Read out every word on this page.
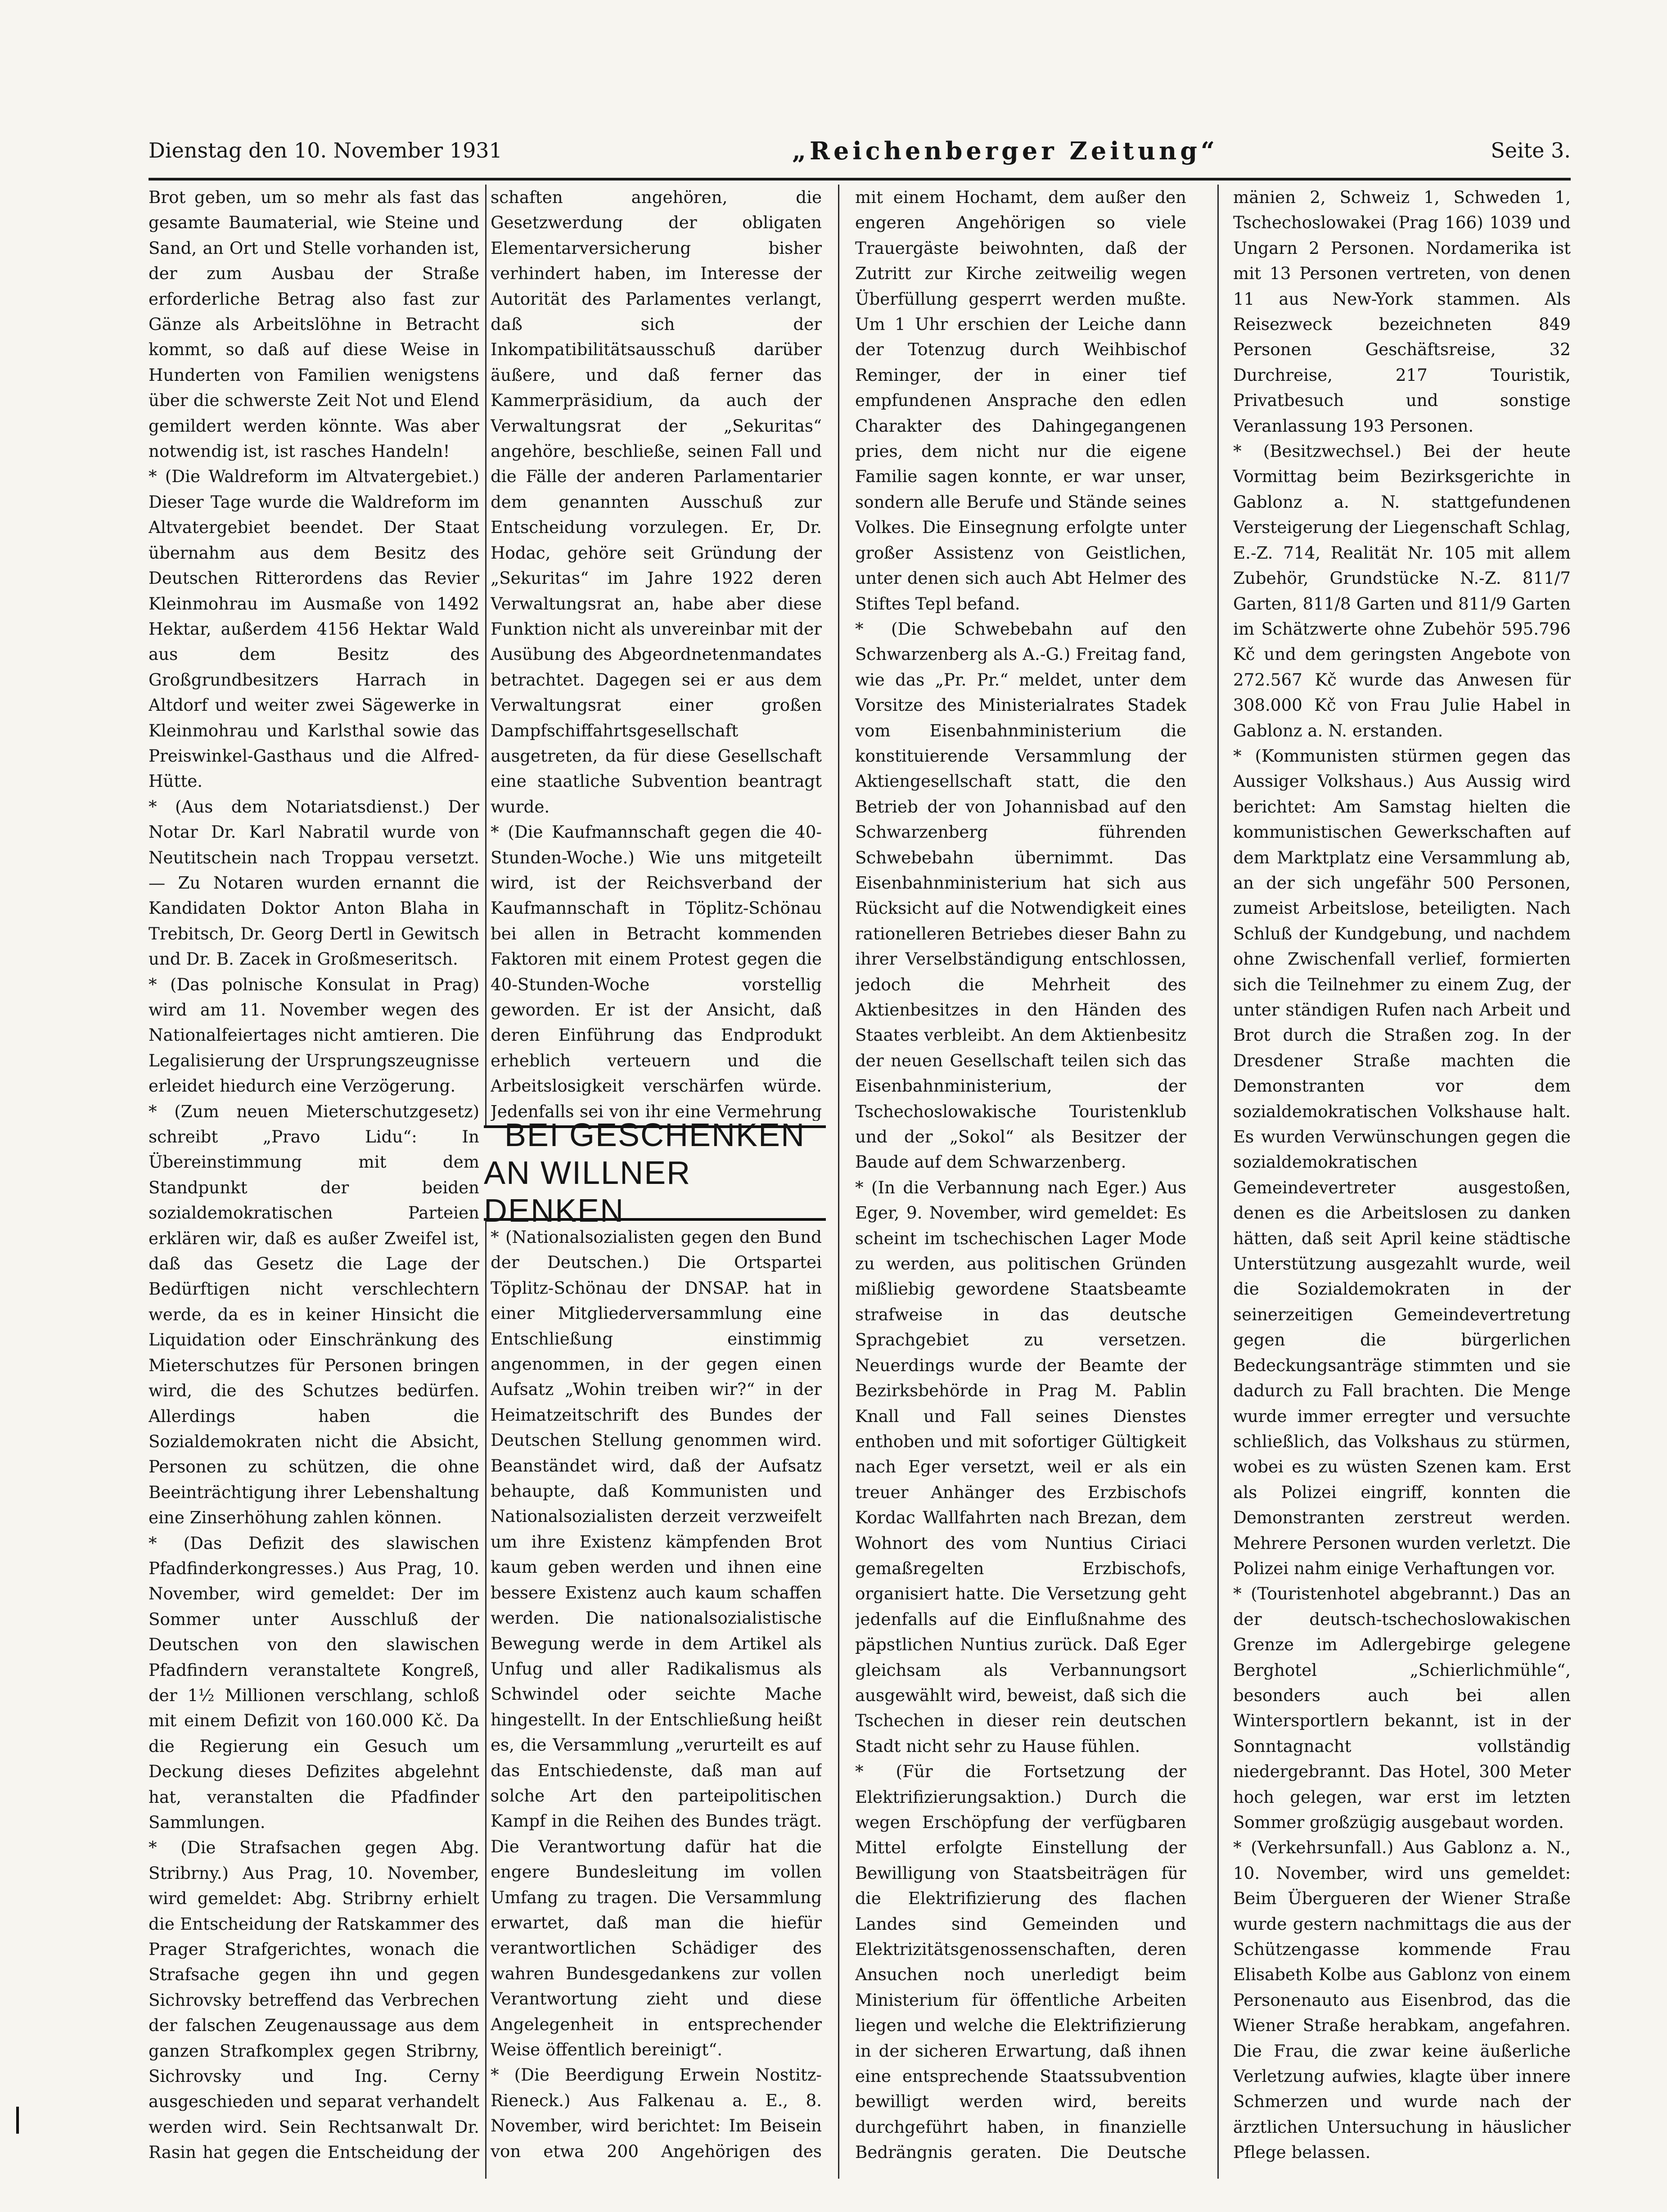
Dienstag den 10. November 1931	„Reichenberger Zeitung“	Seite 3.

Brot geben, um so mehr als fast das gesamte Baumaterial, wie Steine und Sand, an Ort und Stelle vorhanden ist, der zum Ausbau der Straße erforderliche Betrag also fast zur Gänze als Arbeitslöhne in Betracht kommt, so daß auf diese Weise in Hunderten von Familien wenigstens über die schwerste Zeit Not und Elend gemildert werden könnte. Was aber notwendig ist, ist rasches Handeln!

* (Die Waldreform im Altvatergebiet.) Dieser Tage wurde die Waldreform im Altvatergebiet beendet. Der Staat übernahm aus dem Besitz des Deutschen Ritterordens das Revier Kleinmohrau im Ausmaße von 1492 Hektar, außerdem 4156 Hektar Wald aus dem Besitz des Großgrundbesitzers Harrach in Altdorf und weiter zwei Sägewerke in Kleinmohrau und Karlsthal sowie das Preiswinkel-Gasthaus und die Alfred-Hütte.

* (Aus dem Notariatsdienst.) Der Notar Dr. Karl Nabratil wurde von Neutitschein nach Troppau versetzt. — Zu Notaren wurden ernannt die Kandidaten Doktor Anton Blaha in Trebitsch, Dr. Georg Dertl in Gewitsch und Dr. B. Zacek in Großmeseritsch.

* (Das polnische Konsulat in Prag) wird am 11. November wegen des Nationalfeiertages nicht amtieren. Die Legalisierung der Ursprungszeugnisse erleidet hiedurch eine Verzögerung.

* (Zum neuen Mieterschutzgesetz) schreibt „Pravo Lidu“: In Übereinstimmung mit dem Standpunkt der beiden sozialdemokratischen Parteien erklären wir, daß es außer Zweifel ist, daß das Gesetz die Lage der Bedürftigen nicht verschlechtern werde, da es in keiner Hinsicht die Liquidation oder Einschränkung des Mieterschutzes für Personen bringen wird, die des Schutzes bedürfen. Allerdings haben die Sozialdemokraten nicht die Absicht, Personen zu schützen, die ohne Beeinträchtigung ihrer Lebenshaltung eine Zinserhöhung zahlen können.

* (Das Defizit des slawischen Pfadfinderkongresses.) Aus Prag, 10. November, wird gemeldet: Der im Sommer unter Ausschluß der Deutschen von den slawischen Pfadfindern veranstaltete Kongreß, der 1½ Millionen verschlang, schloß mit einem Defizit von 160.000 Kč. Da die Regierung ein Gesuch um Deckung dieses Defizites abgelehnt hat, veranstalten die Pfadfinder Sammlungen.

* (Die Strafsachen gegen Abg. Stribrny.) Aus Prag, 10. November, wird gemeldet: Abg. Stribrny erhielt die Entscheidung der Ratskammer des Prager Strafgerichtes, wonach die Strafsache gegen ihn und gegen Sichrovsky betreffend das Verbrechen der falschen Zeugenaussage aus dem ganzen Strafkomplex gegen Stribrny, Sichrovsky und Ing. Cerny ausgeschieden und separat verhandelt werden wird. Sein Rechtsanwalt Dr. Rasin hat gegen die Entscheidung der

schaften angehören, die Gesetzwerdung der obligaten Elementarversicherung bisher verhindert haben, im Interesse der Autorität des Parlamentes verlangt, daß sich der Inkompatibilitätsausschuß darüber äußere, und daß ferner das Kammerpräsidium, da auch der Verwaltungsrat der „Sekuritas“ angehöre, beschließe, seinen Fall und die Fälle der anderen Parlamentarier dem genannten Ausschuß zur Entscheidung vorzulegen. Er, Dr. Hodac, gehöre seit Gründung der „Sekuritas“ im Jahre 1922 deren Verwaltungsrat an, habe aber diese Funktion nicht als unvereinbar mit der Ausübung des Abgeordnetenmandates betrachtet. Dagegen sei er aus dem Verwaltungsrat einer großen Dampfschiffahrtsgesellschaft ausgetreten, da für diese Gesellschaft eine staatliche Subvention beantragt wurde.

* (Die Kaufmannschaft gegen die 40-Stunden-Woche.) Wie uns mitgeteilt wird, ist der Reichsverband der Kaufmannschaft in Töplitz-Schönau bei allen in Betracht kommenden Faktoren mit einem Protest gegen die 40-Stunden-Woche vorstellig geworden. Er ist der Ansicht, daß deren Einführung das Endprodukt erheblich verteuern und die Arbeitslosigkeit verschärfen würde. Jedenfalls sei von ihr eine Vermehrung

BEI GESCHENKEN
AN WILLNER DENKEN

* (Nationalsozialisten gegen den Bund der Deutschen.) Die Ortspartei Töplitz-Schönau der DNSAP. hat in einer Mitgliederversammlung eine Entschließung einstimmig angenommen, in der gegen einen Aufsatz „Wohin treiben wir?“ in der Heimatzeitschrift des Bundes der Deutschen Stellung genommen wird. Beanständet wird, daß der Aufsatz behaupte, daß Kommunisten und Nationalsozialisten derzeit verzweifelt um ihre Existenz kämpfenden Brot kaum geben werden und ihnen eine bessere Existenz auch kaum schaffen werden. Die nationalsozialistische Bewegung werde in dem Artikel als Unfug und aller Radikalismus als Schwindel oder seichte Mache hingestellt. In der Entschließung heißt es, die Versammlung „verurteilt es auf das Entschiedenste, daß man auf solche Art den parteipolitischen Kampf in die Reihen des Bundes trägt. Die Verantwortung dafür hat die engere Bundesleitung im vollen Umfang zu tragen. Die Versammlung erwartet, daß man die hiefür verantwortlichen Schädiger des wahren Bundesgedankens zur vollen Verantwortung zieht und diese Angelegenheit in entsprechender Weise öffentlich bereinigt“.

* (Die Beerdigung Erwein Nostitz-Rieneck.) Aus Falkenau a. E., 8. November, wird berichtet: Im Beisein von etwa 200 Angehörigen des

mit einem Hochamt, dem außer den engeren Angehörigen so viele Trauergäste beiwohnten, daß der Zutritt zur Kirche zeitweilig wegen Überfüllung gesperrt werden mußte. Um 1 Uhr erschien der Leiche dann der Totenzug durch Weihbischof Reminger, der in einer tief empfundenen Ansprache den edlen Charakter des Dahingegangenen pries, dem nicht nur die eigene Familie sagen konnte, er war unser, sondern alle Berufe und Stände seines Volkes. Die Einsegnung erfolgte unter großer Assistenz von Geistlichen, unter denen sich auch Abt Helmer des Stiftes Tepl befand.

* (Die Schwebebahn auf den Schwarzenberg als A.-G.) Freitag fand, wie das „Pr. Pr.“ meldet, unter dem Vorsitze des Ministerialrates Stadek vom Eisenbahnministerium die konstituierende Versammlung der Aktiengesellschaft statt, die den Betrieb der von Johannisbad auf den Schwarzenberg führenden Schwebebahn übernimmt. Das Eisenbahnministerium hat sich aus Rücksicht auf die Notwendigkeit eines rationelleren Betriebes dieser Bahn zu ihrer Verselbständigung entschlossen, jedoch die Mehrheit des Aktienbesitzes in den Händen des Staates verbleibt. An dem Aktienbesitz der neuen Gesellschaft teilen sich das Eisenbahnministerium, der Tschechoslowakische Touristenklub und der „Sokol“ als Besitzer der Baude auf dem Schwarzenberg.

* (In die Verbannung nach Eger.) Aus Eger, 9. November, wird gemeldet: Es scheint im tschechischen Lager Mode zu werden, aus politischen Gründen mißliebig gewordene Staatsbeamte strafweise in das deutsche Sprachgebiet zu versetzen. Neuerdings wurde der Beamte der Bezirksbehörde in Prag M. Pablin Knall und Fall seines Dienstes enthoben und mit sofortiger Gültigkeit nach Eger versetzt, weil er als ein treuer Anhänger des Erzbischofs Kordac Wallfahrten nach Brezan, dem Wohnort des vom Nuntius Ciriaci gemaßregelten Erzbischofs, organisiert hatte. Die Versetzung geht jedenfalls auf die Einflußnahme des päpstlichen Nuntius zurück. Daß Eger gleichsam als Verbannungsort ausgewählt wird, beweist, daß sich die Tschechen in dieser rein deutschen Stadt nicht sehr zu Hause fühlen.

* (Für die Fortsetzung der Elektrifizierungsaktion.) Durch die wegen Erschöpfung der verfügbaren Mittel erfolgte Einstellung der Bewilligung von Staatsbeiträgen für die Elektrifizierung des flachen Landes sind Gemeinden und Elektrizitätsgenossenschaften, deren Ansuchen noch unerledigt beim Ministerium für öffentliche Arbeiten liegen und welche die Elektrifizierung in der sicheren Erwartung, daß ihnen eine entsprechende Staatssubvention bewilligt werden wird, bereits durchgeführt haben, in finanzielle Bedrängnis geraten. Die Deutsche

mänien 2, Schweiz 1, Schweden 1, Tschechoslowakei (Prag 166) 1039 und Ungarn 2 Personen. Nordamerika ist mit 13 Personen vertreten, von denen 11 aus New-York stammen. Als Reisezweck bezeichneten 849 Personen Geschäftsreise, 32 Durchreise, 217 Touristik, Privatbesuch und sonstige Veranlassung 193 Personen.

* (Besitzwechsel.) Bei der heute Vormittag beim Bezirksgerichte in Gablonz a. N. stattgefundenen Versteigerung der Liegenschaft Schlag, E.-Z. 714, Realität Nr. 105 mit allem Zubehör, Grundstücke N.-Z. 811/7 Garten, 811/8 Garten und 811/9 Garten im Schätzwerte ohne Zubehör 595.796 Kč und dem geringsten Angebote von 272.567 Kč wurde das Anwesen für 308.000 Kč von Frau Julie Habel in Gablonz a. N. erstanden.

* (Kommunisten stürmen gegen das Aussiger Volkshaus.) Aus Aussig wird berichtet: Am Samstag hielten die kommunistischen Gewerkschaften auf dem Marktplatz eine Versammlung ab, an der sich ungefähr 500 Personen, zumeist Arbeitslose, beteiligten. Nach Schluß der Kundgebung, und nachdem ohne Zwischenfall verlief, formierten sich die Teilnehmer zu einem Zug, der unter ständigen Rufen nach Arbeit und Brot durch die Straßen zog. In der Dresdener Straße machten die Demonstranten vor dem sozialdemokratischen Volkshause halt. Es wurden Verwünschungen gegen die sozialdemokratischen Gemeindevertreter ausgestoßen, denen es die Arbeitslosen zu danken hätten, daß seit April keine städtische Unterstützung ausgezahlt wurde, weil die Sozialdemokraten in der seinerzeitigen Gemeindevertretung gegen die bürgerlichen Bedeckungsanträge stimmten und sie dadurch zu Fall brachten. Die Menge wurde immer erregter und versuchte schließlich, das Volkshaus zu stürmen, wobei es zu wüsten Szenen kam. Erst als Polizei eingriff, konnten die Demonstranten zerstreut werden. Mehrere Personen wurden verletzt. Die Polizei nahm einige Verhaftungen vor.

* (Touristenhotel abgebrannt.) Das an der deutsch-tschechoslowakischen Grenze im Adlergebirge gelegene Berghotel „Schierlichmühle“, besonders auch bei allen Wintersportlern bekannt, ist in der Sonntagnacht vollständig niedergebrannt. Das Hotel, 300 Meter hoch gelegen, war erst im letzten Sommer großzügig ausgebaut worden.

* (Verkehrsunfall.) Aus Gablonz a. N., 10. November, wird uns gemeldet: Beim Übergueren der Wiener Straße wurde gestern nachmittags die aus der Schützengasse kommende Frau Elisabeth Kolbe aus Gablonz von einem Personenauto aus Eisenbrod, das die Wiener Straße herabkam, angefahren. Die Frau, die zwar keine äußerliche Verletzung aufwies, klagte über innere Schmerzen und wurde nach der ärztlichen Untersuchung in häuslicher Pflege belassen.
